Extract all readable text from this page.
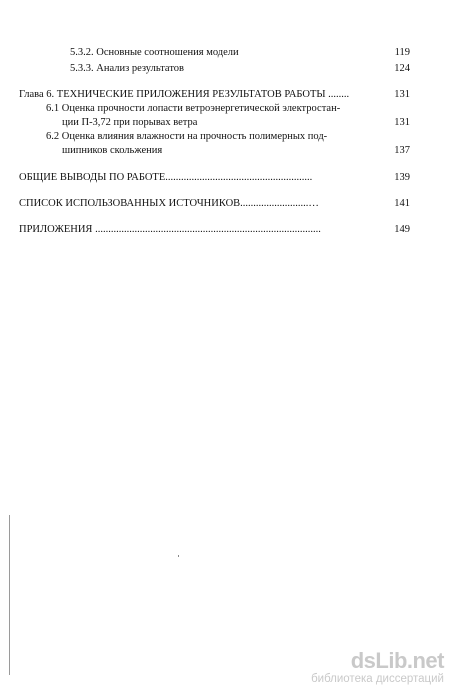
5.3.2. Основные соотношения модели	119
5.3.3. Анализ результатов	124
Глава 6. ТЕХНИЧЕСКИЕ ПРИЛОЖЕНИЯ РЕЗУЛЬТАТОВ РАБОТЫ ........	131
6.1 Оценка прочности лопасти ветроэнергетической электростан-
ции П-3,72 при порывах ветра	131
6.2 Оценка влияния влажности на прочность полимерных под-
шипников скольжения	137
ОБЩИЕ ВЫВОДЫ ПО РАБОТЕ........................................................	139
СПИСОК ИСПОЛЬЗОВАННЫХ ИСТОЧНИКОВ..........................…	141
ПРИЛОЖЕНИЯ ......................................................................................	149
dsLib.net
библиотека диссертаций
